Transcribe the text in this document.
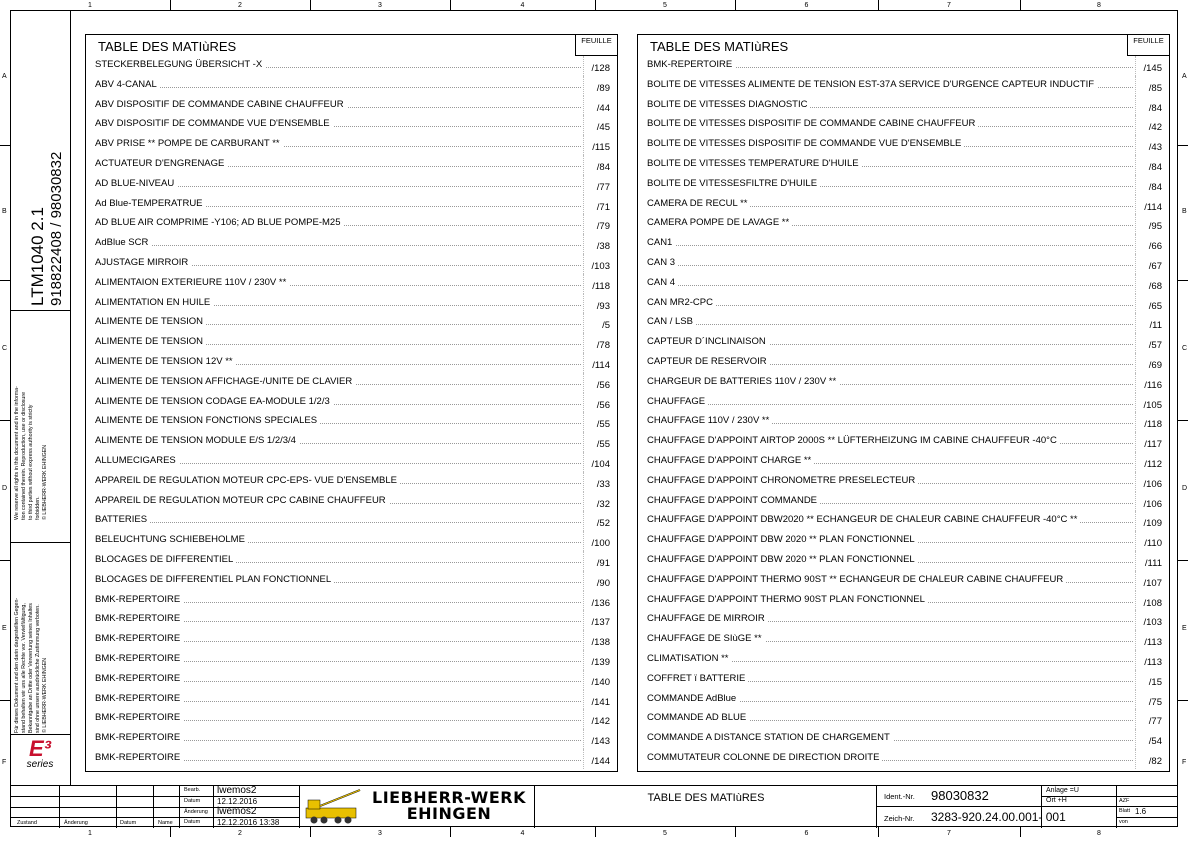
1
1
2
2
3
3
4
4
5
5
6
6
7
7
8
8
A	A
B	B
C	C
D	D
E	E
F	F
LTM1040 2.1 918822408 / 98030832
We reserve all rights in this document and in the informa- tion contained therein. Reproduction, use or disclosure to third parties without express authority is strictly forbidden. © LIEBHERR-WERK EHINGEN
Für dieses Dokument und den darin dargestellten Gegen- stand behalten wir uns alle Rechte vor. Vervielfältigung, Bekanntgabe an Dritte oder Verwertung seines Inhaltes sind ohne unsere ausdrückliche Zustimmung verboten. © LIEBHERR-WERK EHINGEN
E³
series
TABLE DES MATIùRES	FEUILLE
STECKERBELEGUNG ÜBERSICHT -X	/128
ABV 4-CANAL	/89
ABV DISPOSITIF DE COMMANDE CABINE CHAUFFEUR	/44
ABV DISPOSITIF DE COMMANDE VUE D'ENSEMBLE	/45
ABV PRISE ** POMPE DE CARBURANT **	/115
ACTUATEUR D'ENGRENAGE	/84
AD BLUE-NIVEAU	/77
Ad Blue-TEMPERATRUE	/71
AD BLUE AIR COMPRIME -Y106; AD BLUE POMPE-M25	/79
AdBlue SCR	/38
AJUSTAGE MIRROIR	/103
ALIMENTAION EXTERIEURE 110V / 230V **	/118
ALIMENTATION EN HUILE	/93
ALIMENTE DE TENSION	/5
ALIMENTE DE TENSION	/78
ALIMENTE DE TENSION 12V **	/114
ALIMENTE DE TENSION AFFICHAGE-/UNITE DE CLAVIER	/56
ALIMENTE DE TENSION CODAGE EA-MODULE 1/2/3	/56
ALIMENTE DE TENSION FONCTIONS SPECIALES	/55
ALIMENTE DE TENSION MODULE E/S 1/2/3/4	/55
ALLUMECIGARES	/104
APPAREIL DE REGULATION MOTEUR CPC-EPS- VUE D'ENSEMBLE	/33
APPAREIL DE REGULATION MOTEUR CPC CABINE CHAUFFEUR	/32
BATTERIES	/52
BELEUCHTUNG SCHIEBEHOLME	/100
BLOCAGES DE DIFFERENTIEL	/91
BLOCAGES DE DIFFERENTIEL PLAN FONCTIONNEL	/90
BMK-REPERTOIRE	/136
BMK-REPERTOIRE	/137
BMK-REPERTOIRE	/138
BMK-REPERTOIRE	/139
BMK-REPERTOIRE	/140
BMK-REPERTOIRE	/141
BMK-REPERTOIRE	/142
BMK-REPERTOIRE	/143
BMK-REPERTOIRE	/144
TABLE DES MATIùRES	FEUILLE
BMK-REPERTOIRE	/145
BOLITE DE VITESSES ALIMENTE DE TENSION EST-37A SERVICE D'URGENCE CAPTEUR INDUCTIF	/85
BOLITE DE VITESSES DIAGNOSTIC	/84
BOLITE DE VITESSES DISPOSITIF DE COMMANDE CABINE CHAUFFEUR	/42
BOLITE DE VITESSES DISPOSITIF DE COMMANDE VUE D'ENSEMBLE	/43
BOLITE DE VITESSES TEMPERATURE D'HUILE	/84
BOLITE DE VITESSESFILTRE D'HUILE	/84
CAMERA DE RECUL **	/114
CAMERA POMPE DE LAVAGE **	/95
CAN1	/66
CAN 3	/67
CAN 4	/68
CAN MR2-CPC	/65
CAN / LSB	/11
CAPTEUR D´INCLINAISON	/57
CAPTEUR DE RESERVOIR	/69
CHARGEUR DE BATTERIES 110V / 230V **	/116
CHAUFFAGE	/105
CHAUFFAGE 110V / 230V **	/118
CHAUFFAGE D'APPOINT AIRTOP 2000S ** LÜFTERHEIZUNG IM CABINE CHAUFFEUR -40°C	/117
CHAUFFAGE D'APPOINT CHARGE **	/112
CHAUFFAGE D'APPOINT CHRONOMETRE PRESELECTEUR	/106
CHAUFFAGE D'APPOINT COMMANDE	/106
CHAUFFAGE D'APPOINT DBW2020 ** ECHANGEUR DE CHALEUR CABINE CHAUFFEUR -40°C **	/109
CHAUFFAGE D'APPOINT DBW 2020 ** PLAN FONCTIONNEL	/110
CHAUFFAGE D'APPOINT DBW 2020 ** PLAN FONCTIONNEL	/111
CHAUFFAGE D'APPOINT THERMO 90ST ** ECHANGEUR DE CHALEUR CABINE CHAUFFEUR	/107
CHAUFFAGE D'APPOINT THERMO 90ST PLAN FONCTIONNEL	/108
CHAUFFAGE DE MIRROIR	/103
CHAUFFAGE DE SIùGE **	/113
CLIMATISATION **	/113
COFFRET ï BATTERIE	/15
COMMANDE AdBlue	/75
COMMANDE AD BLUE	/77
COMMANDE A DISTANCE STATION DE CHARGEMENT	/54
COMMUTATEUR COLONNE DE DIRECTION DROITE	/82
Zustand	Änderung	Datum	Name
Bearb. lwemos2
Datum 12.12.2016
Änderung lwemos2
Datum 12.12.2016 13:38
LIEBHERR-WERK
EHINGEN
TABLE DES MATIùRES	Ident.-Nr. 98030832
Zeich-Nr. 3283-920.24.00.001- 001
Anlage =U
Ort +H	AZF
Blatt 1.6
von
